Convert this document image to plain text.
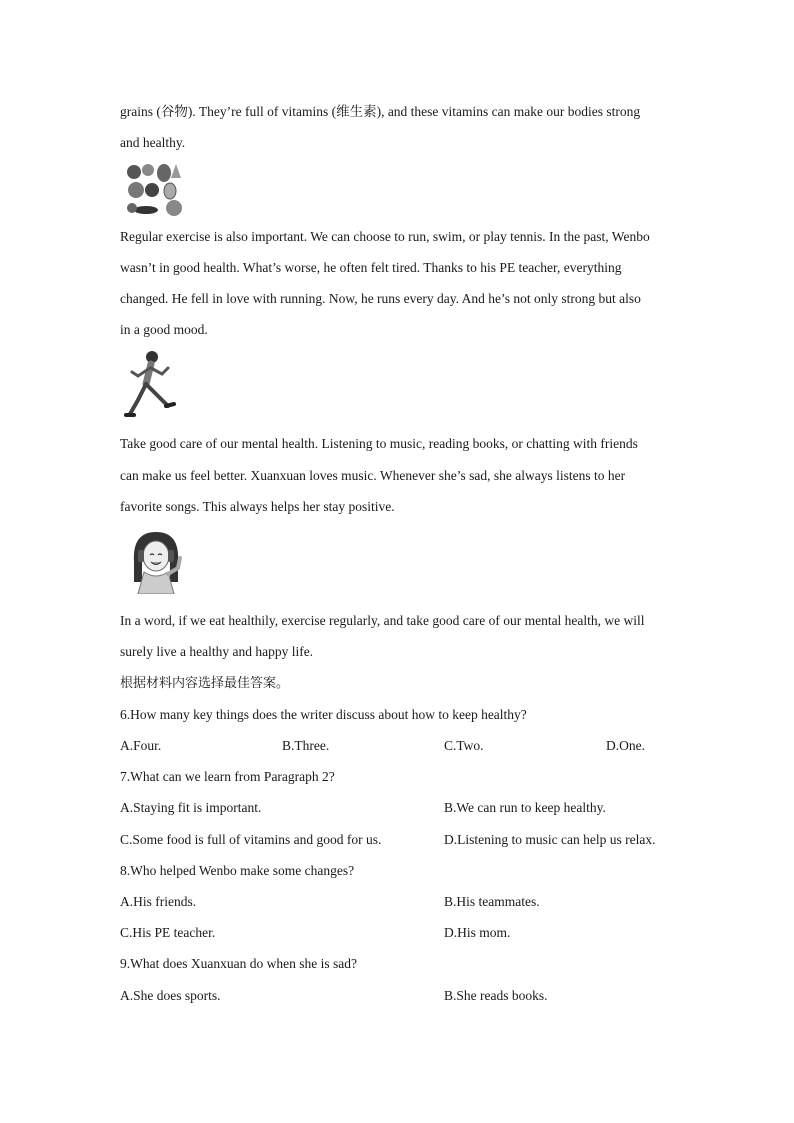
grains (谷物). They’re full of vitamins (维生素), and these vitamins can make our bodies strong
and healthy.
Regular exercise is also important. We can choose to run, swim, or play tennis. In the past, Wenbo
wasn’t in good health. What’s worse, he often felt tired. Thanks to his PE teacher, everything
changed. He fell in love with running. Now, he runs every day. And he’s not only strong but also
in a good mood.
Take good care of our mental health. Listening to music, reading books, or chatting with friends
can make us feel better. Xuanxuan loves music. Whenever she’s sad, she always listens to her
favorite songs. This always helps her stay positive.
In a word, if we eat healthily, exercise regularly, and take good care of our mental health, we will
surely live a healthy and happy life.
根据材料内容选择最佳答案。
6.How many key things does the writer discuss about how to keep healthy?
A.Four.	B.Three.	C.Two.	D.One.
7.What can we learn from Paragraph 2?
A.Staying fit is important.	B.We can run to keep healthy.
C.Some food is full of vitamins and good for us.	D.Listening to music can help us relax.
8.Who helped Wenbo make some changes?
A.His friends.	B.His teammates.
C.His PE teacher.	D.His mom.
9.What does Xuanxuan do when she is sad?
A.She does sports.	B.She reads books.
